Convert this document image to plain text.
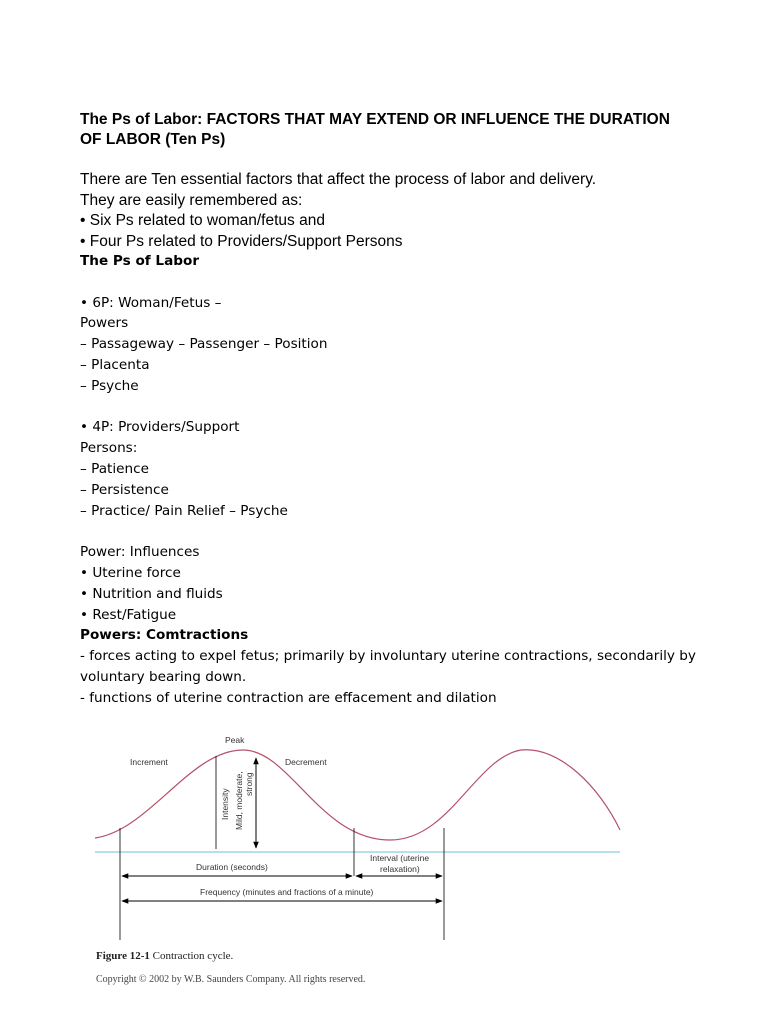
The Ps of Labor: FACTORS THAT MAY EXTEND OR INFLUENCE THE DURATION OF LABOR (Ten Ps)
There are Ten essential factors that affect the process of labor and delivery.
They are easily remembered as:
• Six Ps related to woman/fetus and
• Four Ps related to Providers/Support Persons
The Ps of Labor
• 6P: Woman/Fetus –
Powers
– Passageway – Passenger – Position
– Placenta
– Psyche
• 4P: Providers/Support
Persons:
– Patience
– Persistence
– Practice/ Pain Relief – Psyche
Power: Influences
• Uterine force
• Nutrition and fluids
• Rest/Fatigue
Powers: Comtractions
- forces acting to expel fetus; primarily by involuntary uterine contractions, secondarily by voluntary bearing down.
- functions of uterine contraction are effacement and dilation
Peak
Increment	Decrement
Intensity Mild, moderate, strong
Duration (seconds)
Interval (uterine
relaxation)
Frequency (minutes and fractions of a minute)
Figure 12-1 Contraction cycle.
Copyright © 2002 by W.B. Saunders Company. All rights reserved.
